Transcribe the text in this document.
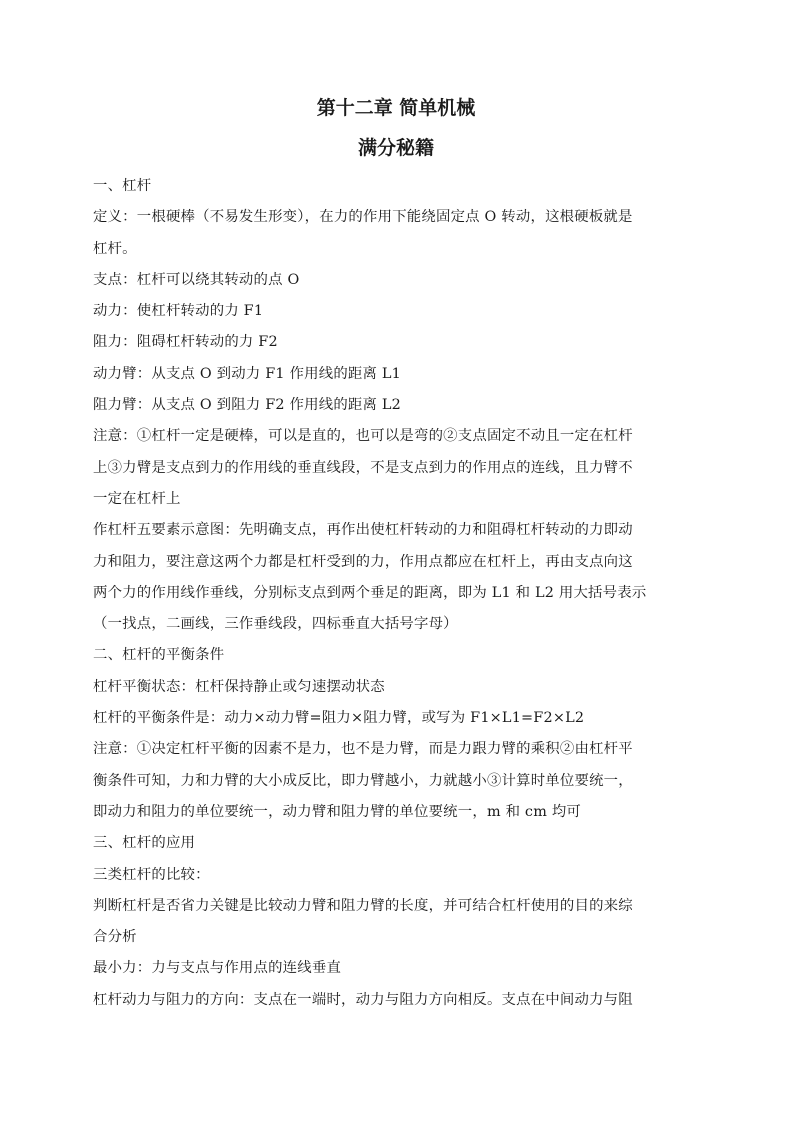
第十二章 简单机械
满分秘籍
一、杠杆
定义：一根硬棒（不易发生形变），在力的作用下能绕固定点 O 转动，这根硬板就是
杠杆。
支点：杠杆可以绕其转动的点 O
动力：使杠杆转动的力 F1
阻力：阻碍杠杆转动的力 F2
动力臂：从支点 O 到动力 F1 作用线的距离 L1
阻力臂：从支点 O 到阻力 F2 作用线的距离 L2
注意：①杠杆一定是硬棒，可以是直的，也可以是弯的②支点固定不动且一定在杠杆
上③力臂是支点到力的作用线的垂直线段，不是支点到力的作用点的连线，且力臂不
一定在杠杆上
作杠杆五要素示意图：先明确支点，再作出使杠杆转动的力和阻碍杠杆转动的力即动
力和阻力，要注意这两个力都是杠杆受到的力，作用点都应在杠杆上，再由支点向这
两个力的作用线作垂线，分别标支点到两个垂足的距离，即为 L1 和 L2 用大括号表示
（一找点，二画线，三作垂线段，四标垂直大括号字母）
二、杠杆的平衡条件
杠杆平衡状态：杠杆保持静止或匀速摆动状态
杠杆的平衡条件是：动力×动力臂=阻力×阻力臂，或写为 F1×L1=F2×L2
注意：①决定杠杆平衡的因素不是力，也不是力臂，而是力跟力臂的乘积②由杠杆平
衡条件可知，力和力臂的大小成反比，即力臂越小，力就越小③计算时单位要统一，
即动力和阻力的单位要统一，动力臂和阻力臂的单位要统一，m 和 cm 均可
三、杠杆的应用
三类杠杆的比较：
判断杠杆是否省力关键是比较动力臂和阻力臂的长度，并可结合杠杆使用的目的来综
合分析
最小力：力与支点与作用点的连线垂直
杠杆动力与阻力的方向：支点在一端时，动力与阻力方向相反。支点在中间动力与阻
